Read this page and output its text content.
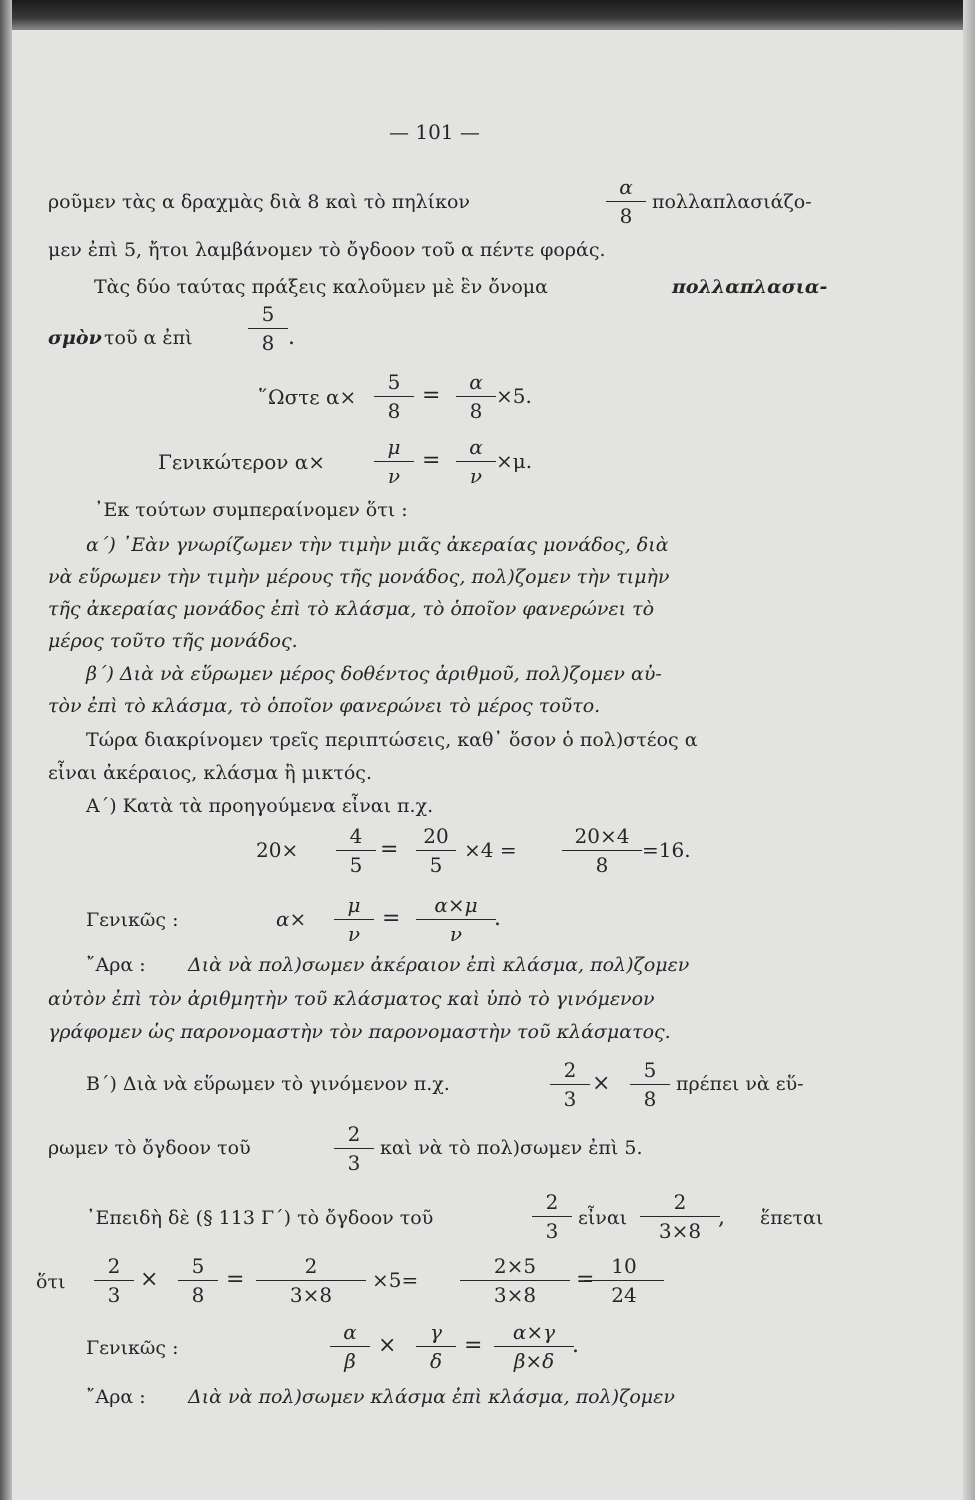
— 101 —
ροῦμεν τὰς α δραχμὰς διὰ 8 καὶ τὸ πηλίκον
α
8
πολλαπλασιάζο-
μεν ἐπὶ 5, ἤτοι λαμβάνομεν τὸ ὄγδοον τοῦ α πέντε φοράς.
Τὰς δύο ταύτας πράξεις καλοῦμεν μὲ ἓν ὄνομα	πολλαπλασια-
σμὸν τοῦ α ἐπὶ
5
8 .
῞Ωστε α×
5
8
=
α
8
×5.
Γενικώτερον α×
μ
ν
=
α
ν
×μ.
᾿Εκ τούτων συμπεραίνομεν ὅτι :
α΄) ᾿Εὰν γνωρίζωμεν τὴν τιμὴν μιᾶς ἀκεραίας μονάδος, διὰ
νὰ εὕρωμεν τὴν τιμὴν μέρους τῆς μονάδος, πολ)ζομεν τὴν τιμὴν
τῆς ἀκεραίας μονάδος ἐπὶ τὸ κλάσμα, τὸ ὁποῖον φανερώνει τὸ
μέρος τοῦτο τῆς μονάδος.
β΄) Διὰ νὰ εὕρωμεν μέρος δοθέντος ἀριθμοῦ, πολ)ζομεν αὐ-
τὸν ἐπὶ τὸ κλάσμα, τὸ ὁποῖον φανερώνει τὸ μέρος τοῦτο.
Τώρα διακρίνομεν τρεῖς περιπτώσεις, καθ᾿ ὅσον ὁ πολ)στέος α
εἶναι ἀκέραιος, κλάσμα ἢ μικτός.
Α΄) Κατὰ τὰ προηγούμενα εἶναι π.χ.
20×
4
5
=
20
5
×4 =
20×4
8
=16.
Γενικῶς :	α×
μ
ν
=
α×μ
ν
.
῎Αρα : Διὰ νὰ πολ)σωμεν ἀκέραιον ἐπὶ κλάσμα, πολ)ζομεν
αὐτὸν ἐπὶ τὸν ἀριθμητὴν τοῦ κλάσματος καὶ ὑπὸ τὸ γινόμενον
γράφομεν ὡς παρονομαστὴν τὸν παρονομαστὴν τοῦ κλάσματος.
Β΄) Διὰ νὰ εὕρωμεν τὸ γινόμενον π.χ.
2
3
×
5
8
πρέπει νὰ εὕ-
ρωμεν τὸ ὄγδοον τοῦ
2
3
καὶ νὰ τὸ πολ)σωμεν ἐπὶ 5.
᾿Επειδὴ δὲ (§ 113 Γ΄) τὸ ὄγδοον τοῦ
2
3
εἶναι
2
3×8
, ἕπεται
ὅτι
2
3
×
5
8
=
2
3×8
×5=
2×5
3×8
=
10
24
Γενικῶς :
α
β
×
γ
δ
=
α×γ
β×δ
.
῎Αρα : Διὰ νὰ πολ)σωμεν κλάσμα ἐπὶ κλάσμα, πολ)ζομεν
